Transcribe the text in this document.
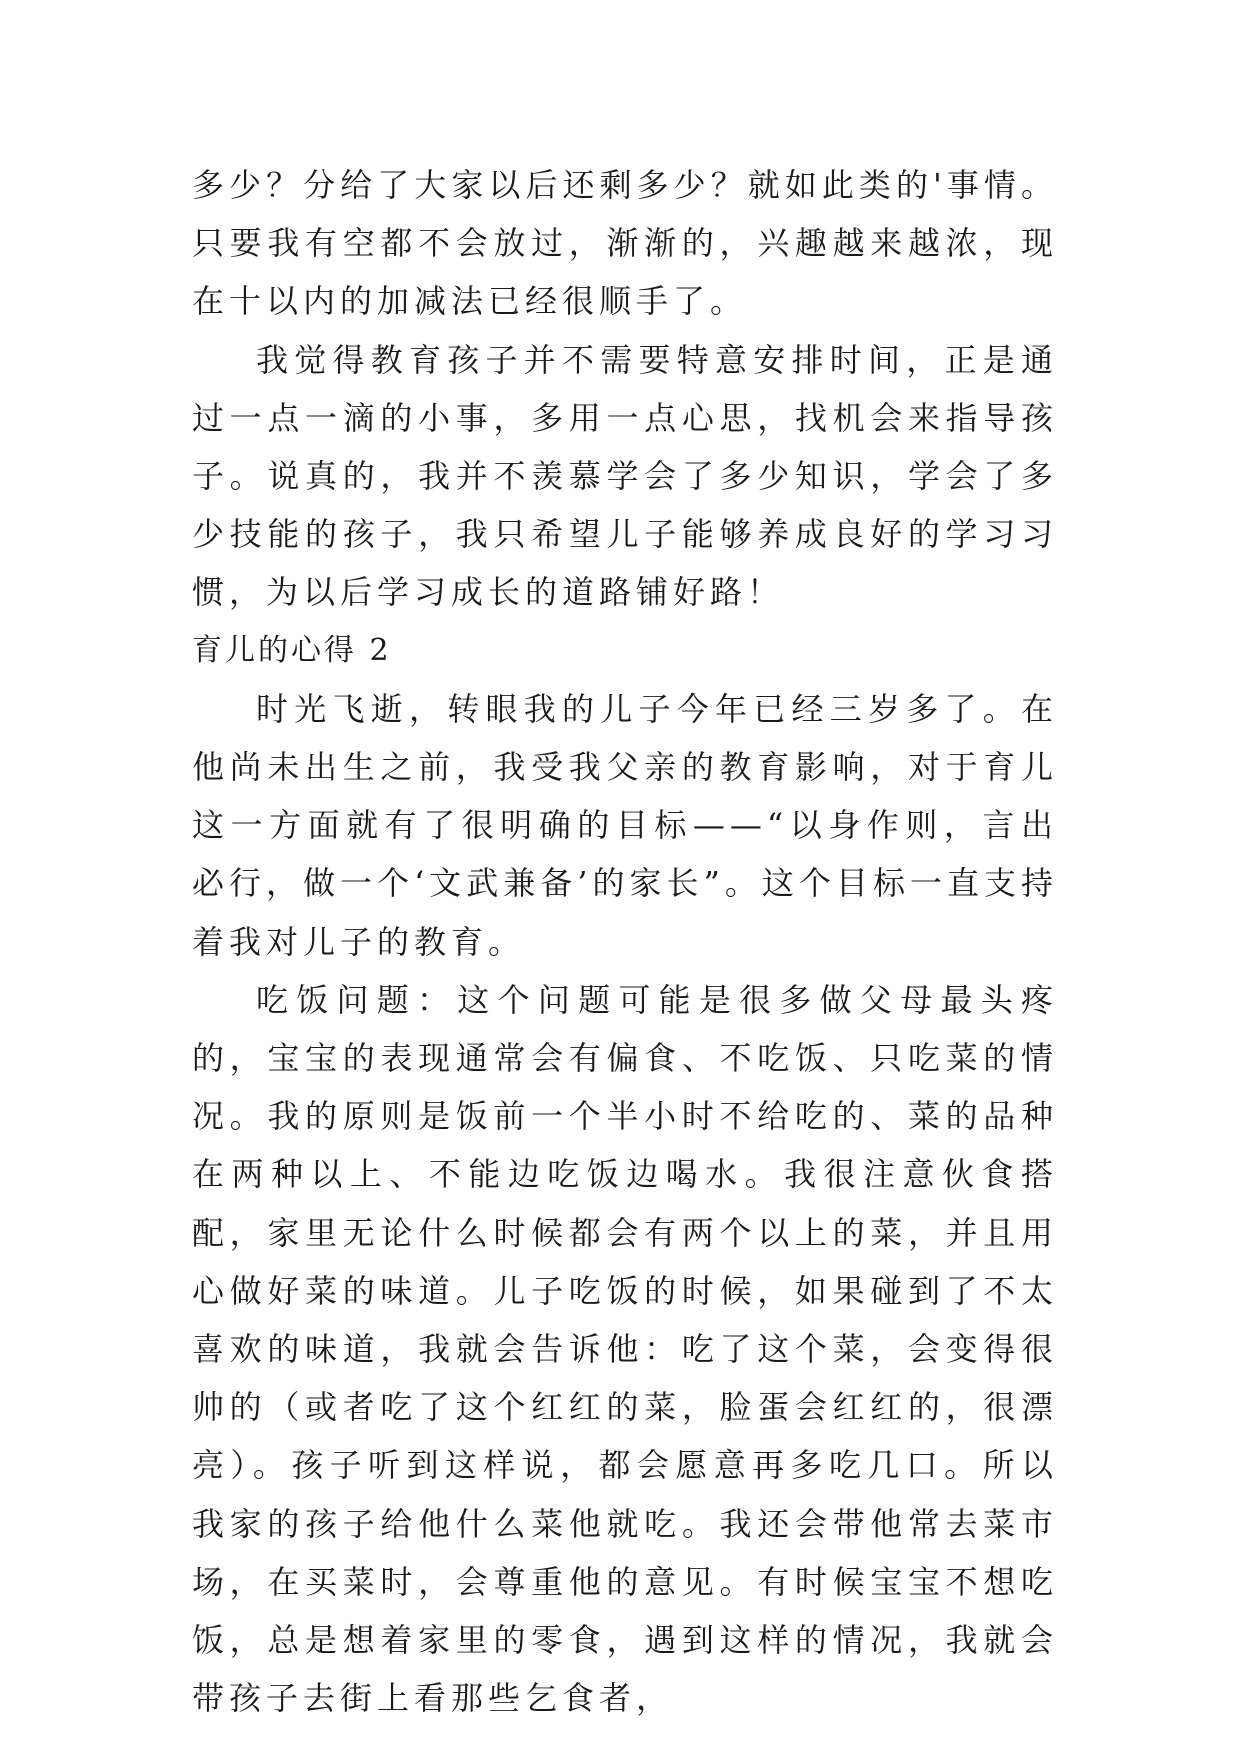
多少？分给了大家以后还剩多少？就如此类的'事情。只要我有空都不会放过，渐渐的，兴趣越来越浓，现在十以内的加减法已经很顺手了。

我觉得教育孩子并不需要特意安排时间，正是通过一点一滴的小事，多用一点心思，找机会来指导孩子。说真的，我并不羡慕学会了多少知识，学会了多少技能的孩子，我只希望儿子能够养成良好的学习习惯，为以后学习成长的道路铺好路！

育儿的心得 2

时光飞逝，转眼我的儿子今年已经三岁多了。在他尚未出生之前，我受我父亲的教育影响，对于育儿这一方面就有了很明确的目标——“以身作则，言出必行，做一个‘文武兼备’的家长”。这个目标一直支持着我对儿子的教育。

吃饭问题：这个问题可能是很多做父母最头疼的，宝宝的表现通常会有偏食、不吃饭、只吃菜的情况。我的原则是饭前一个半小时不给吃的、菜的品种在两种以上、不能边吃饭边喝水。我很注意伙食搭配，家里无论什么时候都会有两个以上的菜，并且用心做好菜的味道。儿子吃饭的时候，如果碰到了不太喜欢的味道，我就会告诉他：吃了这个菜，会变得很帅的（或者吃了这个红红的菜，脸蛋会红红的，很漂亮）。孩子听到这样说，都会愿意再多吃几口。所以我家的孩子给他什么菜他就吃。我还会带他常去菜市场，在买菜时，会尊重他的意见。有时候宝宝不想吃饭，总是想着家里的零食，遇到这样的情况，我就会带孩子去街上看那些乞食者，
